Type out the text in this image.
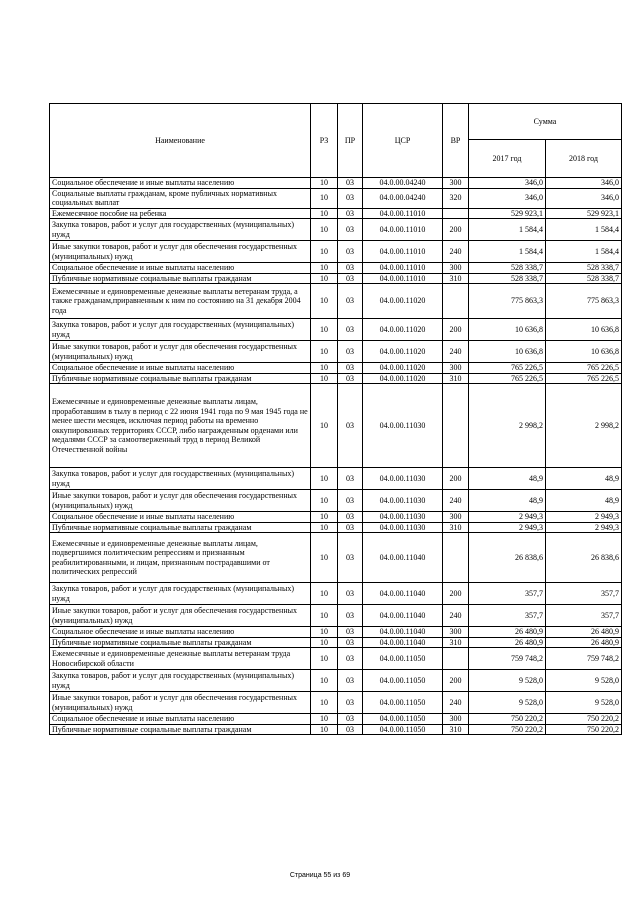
Наименование	РЗ	ПР	ЦСР	ВР	Сумма	
					2017 год	2018 год
Социальное обеспечение и иные выплаты населению	10	03	04.0.00.04240	300	346,0	346,0
Социальные выплаты гражданам, кроме публичных нормативных социальных выплат	10	03	04.0.00.04240	320	346,0	346,0
Ежемесячное пособие на ребенка	10	03	04.0.00.11010		529 923,1	529 923,1
Закупка товаров, работ и услуг для государственных (муниципальных) нужд	10	03	04.0.00.11010	200	1 584,4	1 584,4
Иные закупки товаров, работ и услуг для обеспечения государственных (муниципальных) нужд	10	03	04.0.00.11010	240	1 584,4	1 584,4
Социальное обеспечение и иные выплаты населению	10	03	04.0.00.11010	300	528 338,7	528 338,7
Публичные нормативные социальные выплаты гражданам	10	03	04.0.00.11010	310	528 338,7	528 338,7
Ежемесячные и единовременные денежные выплаты ветеранам труда, а также гражданам,приравненным к ним по состоянию на 31 декабря 2004 года	10	03	04.0.00.11020		775 863,3	775 863,3
Закупка товаров, работ и услуг для государственных (муниципальных) нужд	10	03	04.0.00.11020	200	10 636,8	10 636,8
Иные закупки товаров, работ и услуг для обеспечения государственных (муниципальных) нужд	10	03	04.0.00.11020	240	10 636,8	10 636,8
Социальное обеспечение и иные выплаты населению	10	03	04.0.00.11020	300	765 226,5	765 226,5
Публичные нормативные социальные выплаты гражданам	10	03	04.0.00.11020	310	765 226,5	765 226,5
Ежемесячные и единовременные денежные выплаты лицам, проработавшим в тылу в период с 22 июня 1941 года по 9 мая 1945 года не менее шести месяцев, исключая период работы на временно оккупированных территориях СССР, либо награжденным орденами или медалями СССР за самоотверженный труд в период Великой Отечественной войны	10	03	04.0.00.11030		2 998,2	2 998,2
Закупка товаров, работ и услуг для государственных (муниципальных) нужд	10	03	04.0.00.11030	200	48,9	48,9
Иные закупки товаров, работ и услуг для обеспечения государственных (муниципальных) нужд	10	03	04.0.00.11030	240	48,9	48,9
Социальное обеспечение и иные выплаты населению	10	03	04.0.00.11030	300	2 949,3	2 949,3
Публичные нормативные социальные выплаты гражданам	10	03	04.0.00.11030	310	2 949,3	2 949,3
Ежемесячные и единовременные денежные выплаты лицам, подвергшимся политическим репрессиям и признанным реабилитированными, и лицам, признанным пострадавшими от политических репрессий	10	03	04.0.00.11040		26 838,6	26 838,6
Закупка товаров, работ и услуг для государственных (муниципальных) нужд	10	03	04.0.00.11040	200	357,7	357,7
Иные закупки товаров, работ и услуг для обеспечения государственных (муниципальных) нужд	10	03	04.0.00.11040	240	357,7	357,7
Социальное обеспечение и иные выплаты населению	10	03	04.0.00.11040	300	26 480,9	26 480,9
Публичные нормативные социальные выплаты гражданам	10	03	04.0.00.11040	310	26 480,9	26 480,9
Ежемесячные и единовременные денежные выплаты ветеранам труда Новосибирской области	10	03	04.0.00.11050		759 748,2	759 748,2
Закупка товаров, работ и услуг для государственных (муниципальных) нужд	10	03	04.0.00.11050	200	9 528,0	9 528,0
Иные закупки товаров, работ и услуг для обеспечения государственных (муниципальных) нужд	10	03	04.0.00.11050	240	9 528,0	9 528,0
Социальное обеспечение и иные выплаты населению	10	03	04.0.00.11050	300	750 220,2	750 220,2
Публичные нормативные социальные выплаты гражданам	10	03	04.0.00.11050	310	750 220,2	750 220,2
Страница 55 из 69
